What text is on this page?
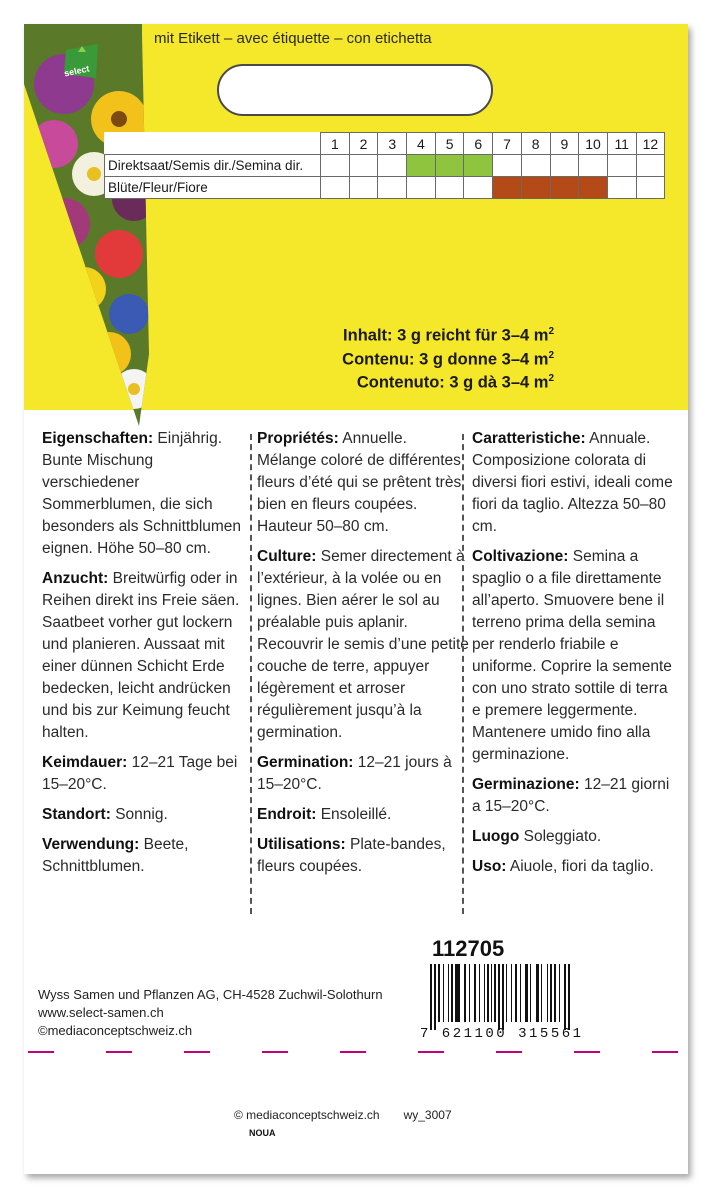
select
mit Etikett – avec étiquette – con etichetta
	1	2	3	4	5	6	7	8	9	10	11	12
Direktsaat/Semis dir./Semina dir.												
Blüte/Fleur/Fiore												
Inhalt: 3 g reicht für 3–4 $m^2$
Contenu: 3 g donne 3–4 $m^2$
Contenuto: 3 g dà 3–4 $m^2$

Eigenschaften: Einjährig. Bunte Mischung verschiedener Sommerblumen, die sich besonders als Schnittblumen eignen. Höhe 50–80 cm.

Anzucht: Breitwürfig oder in Reihen direkt ins Freie säen. Saatbeet vorher gut lockern und planieren. Aussaat mit einer dünnen Schicht Erde bedecken, leicht andrücken und bis zur Keimung feucht halten.

Keimdauer: 12–21 Tage bei 15–20°C.

Standort: Sonnig.

Verwendung: Beete, Schnittblumen.

Propriétés: Annuelle. Mélange coloré de différentes fleurs d’été qui se prêtent très bien en fleurs coupées. Hauteur 50–80 cm.

Culture: Semer directement à l’extérieur, à la volée ou en lignes. Bien aérer le sol au préalable puis aplanir. Recouvrir le semis d’une petite couche de terre, appuyer légèrement et arroser régulièrement jusqu’à la germination.

Germination: 12–21 jours à 15–20°C.

Endroit: Ensoleillé.

Utilisations: Plate-bandes, fleurs coupées.

Caratteristiche: Annuale. Composizione colorata di diversi fiori estivi, ideali come fiori da taglio. Altezza 50–80 cm.

Coltivazione: Semina a spaglio o a file direttamente all’aperto. Smuovere bene il terreno prima della semina per renderlo friabile e uniforme. Coprire la semente con uno strato sottile di terra e premere leggermente. Mantenere umido fino alla germinazione.

Germinazione: 12–21 giorni a 15–20°C.

Luogo Soleggiato.

Uso: Aiuole, fiori da taglio.

112705
7 621100 315561
Wyss Samen und Pflanzen AG, CH-4528 Zuchwil-Solothurn
www.select-samen.ch
©mediaconceptschweiz.ch
© mediaconceptschweiz.ch wy_3007
NOUA
